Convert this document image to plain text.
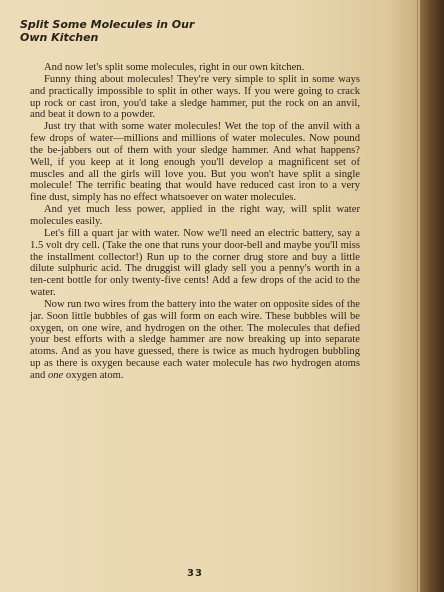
Split Some Molecules in Our
Own Kitchen

And now let's split some molecules, right in our own kitchen.

Funny thing about molecules! They're very simple to split in some ways and practically impossible to split in other ways. If you were going to crack up rock or cast iron, you'd take a sledge hammer, put the rock on an anvil, and beat it down to a powder.

Just try that with some water molecules! Wet the top of the anvil with a few drops of water—millions and millions of water molecules. Now pound the be-jabbers out of them with your sledge hammer. And what happens? Well, if you keep at it long enough you'll develop a magnificent set of muscles and all the girls will love you. But you won't have split a single molecule! The terrific beating that would have reduced cast iron to a very fine dust, simply has no effect whatsoever on water molecules.

And yet much less power, applied in the right way, will split water molecules easily.

Let's fill a quart jar with water. Now we'll need an electric battery, say a 1.5 volt dry cell. (Take the one that runs your door-bell and maybe you'll miss the installment collector!) Run up to the corner drug store and buy a little dilute sulphuric acid. The druggist will glady sell you a penny's worth in a ten-cent bottle for only twenty-five cents! Add a few drops of the acid to the water.

Now run two wires from the battery into the water on opposite sides of the jar. Soon little bubbles of gas will form on each wire. These bubbles will be oxygen, on one wire, and hydrogen on the other. The molecules that defied your best efforts with a sledge hammer are now breaking up into separate atoms. And as you have guessed, there is twice as much hydrogen bubbling up as there is oxygen because each water molecule has two hydrogen atoms and one oxygen atom.

33
